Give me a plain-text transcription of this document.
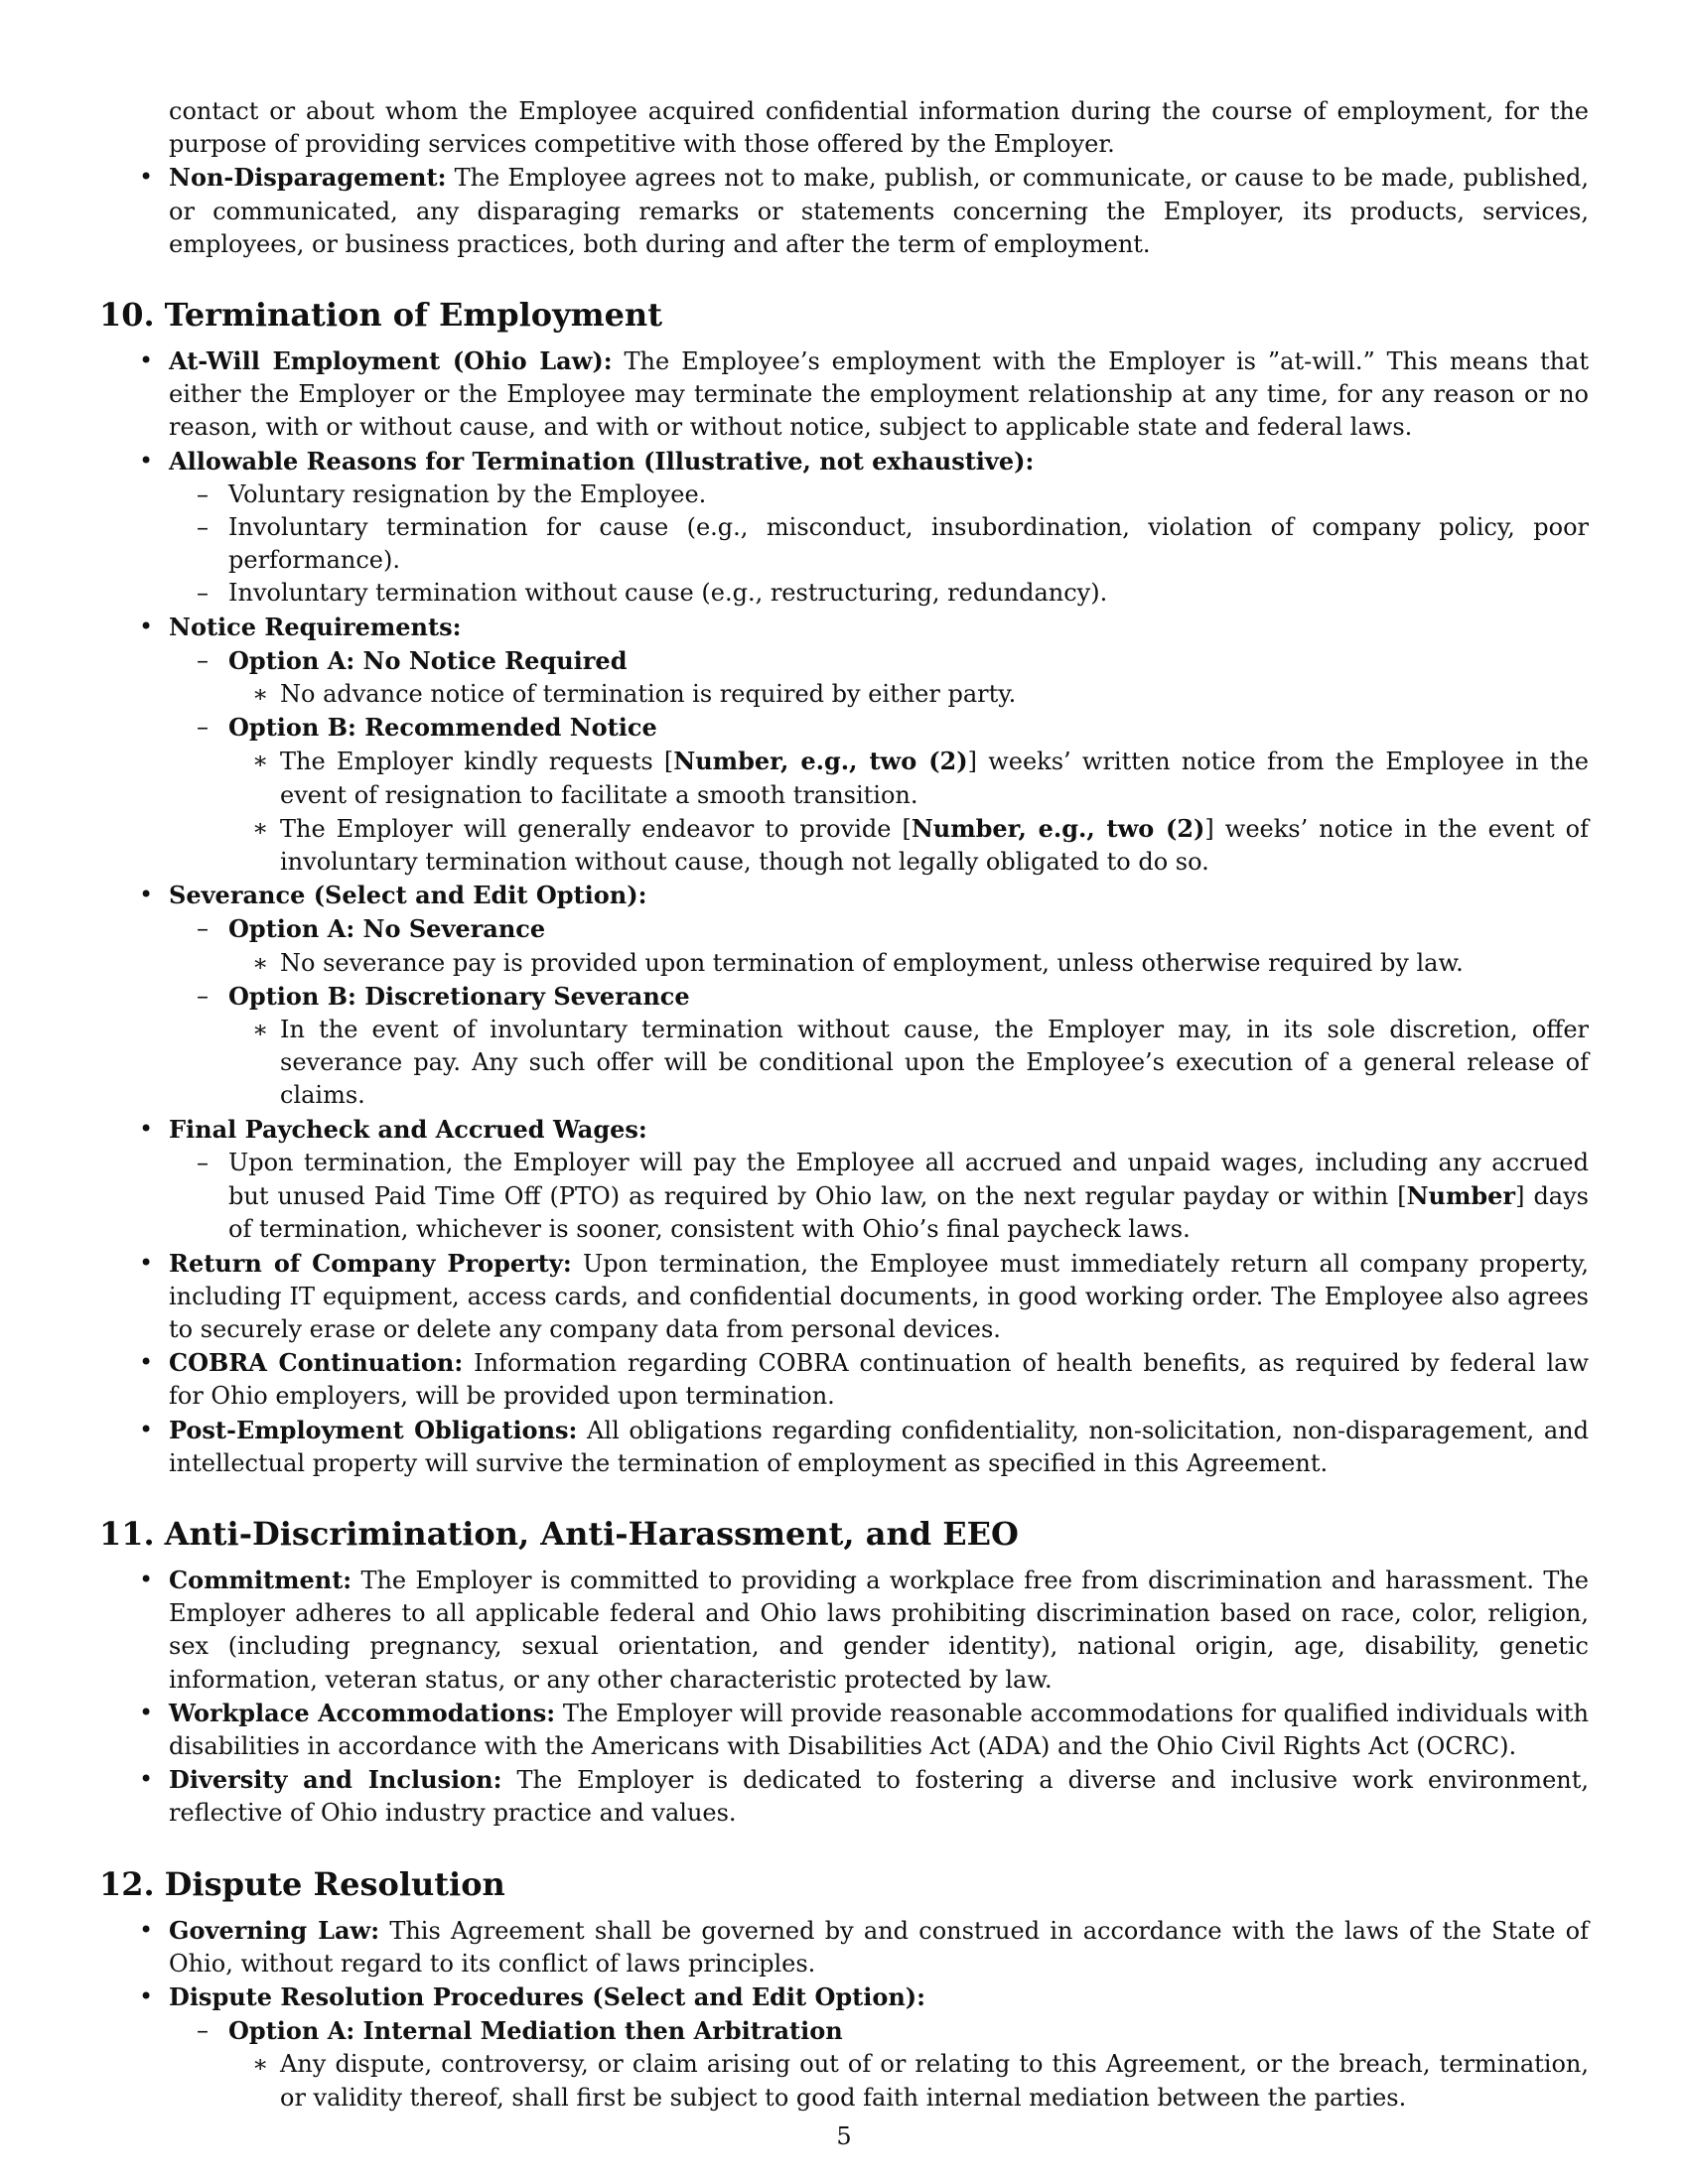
contact or about whom the Employee acquired confidential information during the course of employment, for the purpose of providing services competitive with those offered by the Employer.

• Non-Disparagement: The Employee agrees not to make, publish, or communicate, or cause to be made, published, or communicated, any disparaging remarks or statements concerning the Employer, its products, services, employees, or business practices, both during and after the term of employment.
10. Termination of Employment
• At-Will Employment (Ohio Law): The Employee’s employment with the Employer is ”at-will.” This means that either the Employer or the Employee may terminate the employment relationship at any time, for any reason or no reason, with or without cause, and with or without notice, subject to applicable state and federal laws.
• Allowable Reasons for Termination (Illustrative, not exhaustive):
– Voluntary resignation by the Employee.
– Involuntary termination for cause (e.g., misconduct, insubordination, violation of company policy, poor performance).
– Involuntary termination without cause (e.g., restructuring, redundancy).
• Notice Requirements:
– Option A: No Notice Required
∗ No advance notice of termination is required by either party.
– Option B: Recommended Notice
∗ The Employer kindly requests [Number, e.g., two (2)] weeks’ written notice from the Employee in the event of resignation to facilitate a smooth transition.
∗ The Employer will generally endeavor to provide [Number, e.g., two (2)] weeks’ notice in the event of involuntary termination without cause, though not legally obligated to do so.
• Severance (Select and Edit Option):
– Option A: No Severance
∗ No severance pay is provided upon termination of employment, unless otherwise required by law.
– Option B: Discretionary Severance
∗ In the event of involuntary termination without cause, the Employer may, in its sole discretion, offer severance pay. Any such offer will be conditional upon the Employee’s execution of a general release of claims.
• Final Paycheck and Accrued Wages:
– Upon termination, the Employer will pay the Employee all accrued and unpaid wages, including any accrued but unused Paid Time Off (PTO) as required by Ohio law, on the next regular payday or within [Number] days of termination, whichever is sooner, consistent with Ohio’s final paycheck laws.
• Return of Company Property: Upon termination, the Employee must immediately return all company property, including IT equipment, access cards, and confidential documents, in good working order. The Employee also agrees to securely erase or delete any company data from personal devices.
• COBRA Continuation: Information regarding COBRA continuation of health benefits, as required by federal law for Ohio employers, will be provided upon termination.
• Post-Employment Obligations: All obligations regarding confidentiality, non-solicitation, non-disparagement, and intellectual property will survive the termination of employment as specified in this Agreement.
11. Anti-Discrimination, Anti-Harassment, and EEO
• Commitment: The Employer is committed to providing a workplace free from discrimination and harassment. The Employer adheres to all applicable federal and Ohio laws prohibiting discrimination based on race, color, religion, sex (including pregnancy, sexual orientation, and gender identity), national origin, age, disability, genetic information, veteran status, or any other characteristic protected by law.
• Workplace Accommodations: The Employer will provide reasonable accommodations for qualified individuals with disabilities in accordance with the Americans with Disabilities Act (ADA) and the Ohio Civil Rights Act (OCRC).
• Diversity and Inclusion: The Employer is dedicated to fostering a diverse and inclusive work environment, reflective of Ohio industry practice and values.
12. Dispute Resolution
• Governing Law: This Agreement shall be governed by and construed in accordance with the laws of the State of Ohio, without regard to its conflict of laws principles.
• Dispute Resolution Procedures (Select and Edit Option):
– Option A: Internal Mediation then Arbitration
∗ Any dispute, controversy, or claim arising out of or relating to this Agreement, or the breach, termination, or validity thereof, shall first be subject to good faith internal mediation between the parties.
5
